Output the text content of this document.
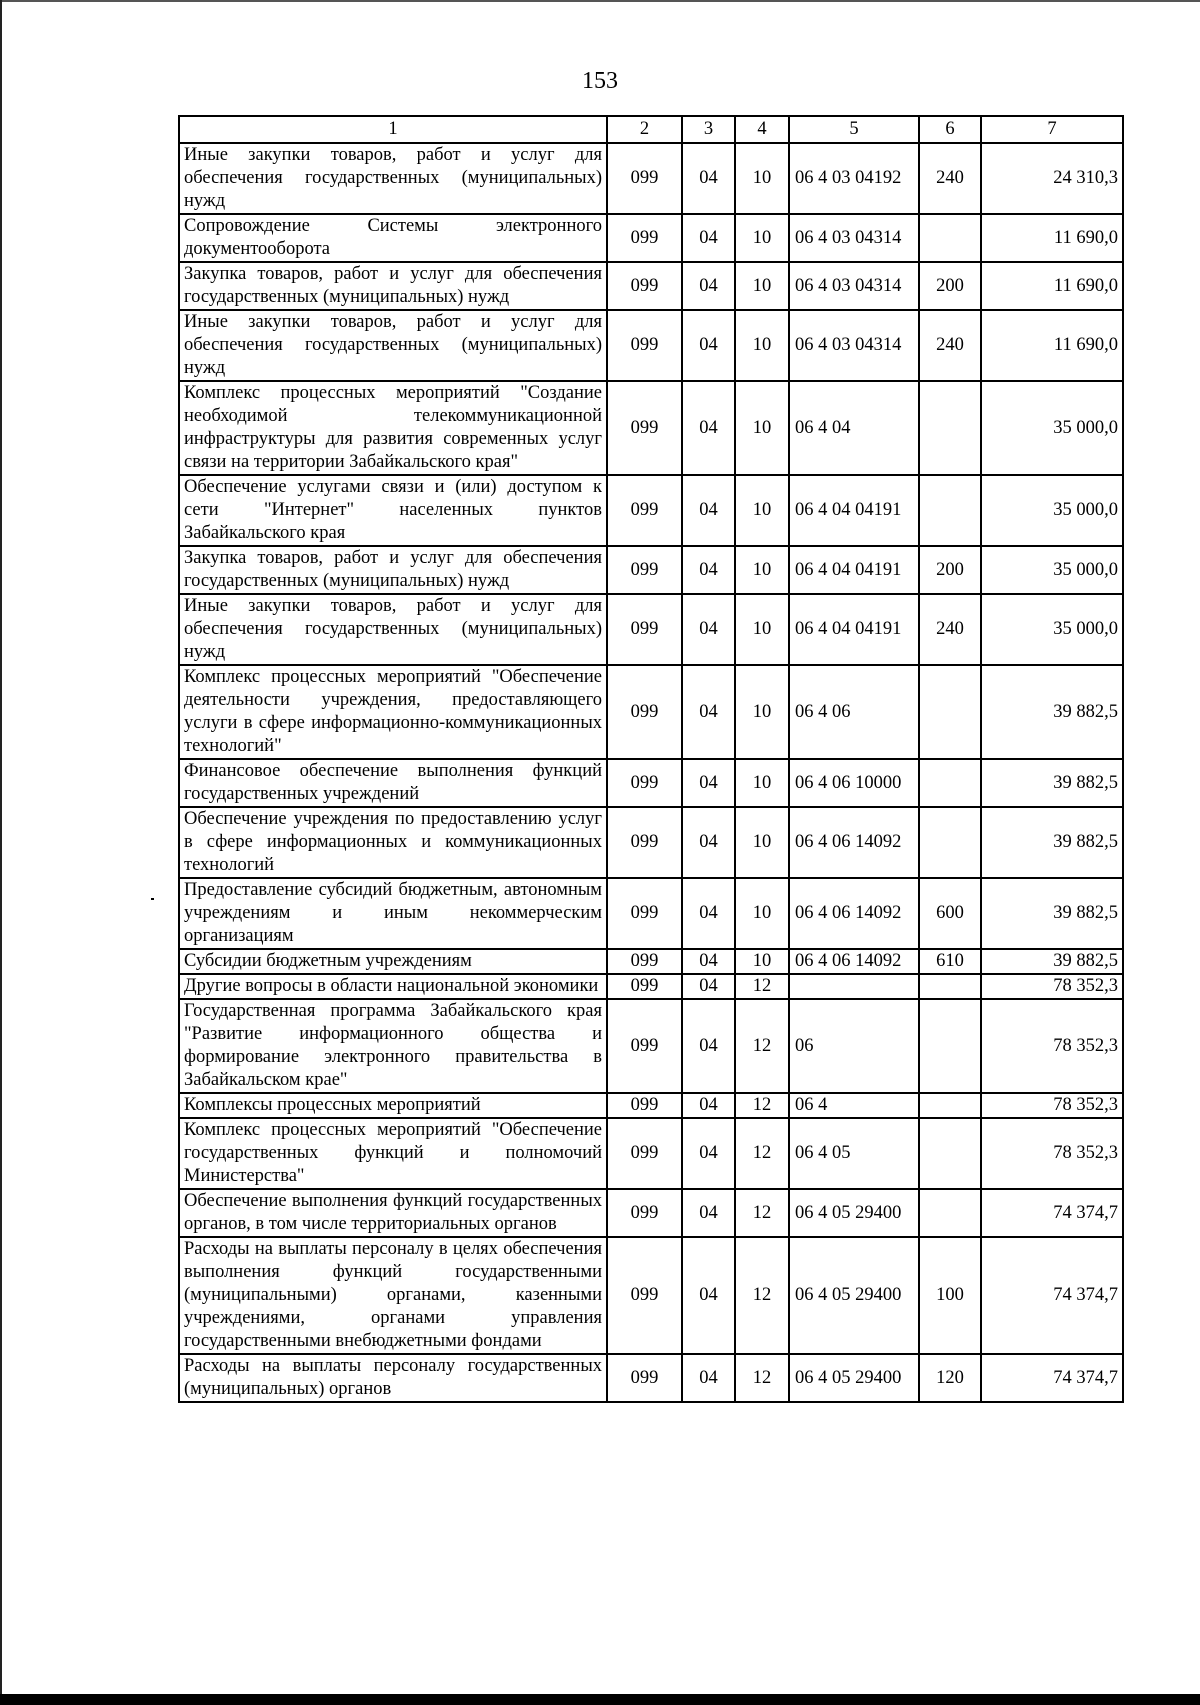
153
1	2	3	4	5	6	7
Иные закупки товаров, работ и услуг для обеспечения государственных (муниципальных) нужд	099	04	10	06 4 03 04192	240	24 310,3
Сопровождение Системы электронного документооборота	099	04	10	06 4 03 04314		11 690,0
Закупка товаров, работ и услуг для обеспечения государственных (муниципальных) нужд	099	04	10	06 4 03 04314	200	11 690,0
Иные закупки товаров, работ и услуг для обеспечения государственных (муниципальных) нужд	099	04	10	06 4 03 04314	240	11 690,0
Комплекс процессных мероприятий "Создание необходимой телекоммуникационной инфраструктуры для развития современных услуг связи на территории Забайкальского края"	099	04	10	06 4 04		35 000,0
Обеспечение услугами связи и (или) доступом к сети "Интернет" населенных пунктов Забайкальского края	099	04	10	06 4 04 04191		35 000,0
Закупка товаров, работ и услуг для обеспечения государственных (муниципальных) нужд	099	04	10	06 4 04 04191	200	35 000,0
Иные закупки товаров, работ и услуг для обеспечения государственных (муниципальных) нужд	099	04	10	06 4 04 04191	240	35 000,0
Комплекс процессных мероприятий "Обеспечение деятельности учреждения, предоставляющего услуги в сфере информационно-коммуникационных технологий"	099	04	10	06 4 06		39 882,5
Финансовое обеспечение выполнения функций государственных учреждений	099	04	10	06 4 06 10000		39 882,5
Обеспечение учреждения по предоставлению услуг в сфере информационных и коммуникационных технологий	099	04	10	06 4 06 14092		39 882,5
Предоставление субсидий бюджетным, автономным учреждениям и иным некоммерческим организациям	099	04	10	06 4 06 14092	600	39 882,5
Субсидии бюджетным учреждениям	099	04	10	06 4 06 14092	610	39 882,5
Другие вопросы в области национальной экономики	099	04	12			78 352,3
Государственная программа Забайкальского края "Развитие информационного общества и формирование электронного правительства в Забайкальском крае"	099	04	12	06		78 352,3
Комплексы процессных мероприятий	099	04	12	06 4		78 352,3
Комплекс процессных мероприятий "Обеспечение государственных функций и полномочий Министерства"	099	04	12	06 4 05		78 352,3
Обеспечение выполнения функций государственных органов, в том числе территориальных органов	099	04	12	06 4 05 29400		74 374,7
Расходы на выплаты персоналу в целях обеспечения выполнения функций государственными (муниципальными) органами, казенными учреждениями, органами управления государственными внебюджетными фондами	099	04	12	06 4 05 29400	100	74 374,7
Расходы на выплаты персоналу государственных (муниципальных) органов	099	04	12	06 4 05 29400	120	74 374,7
